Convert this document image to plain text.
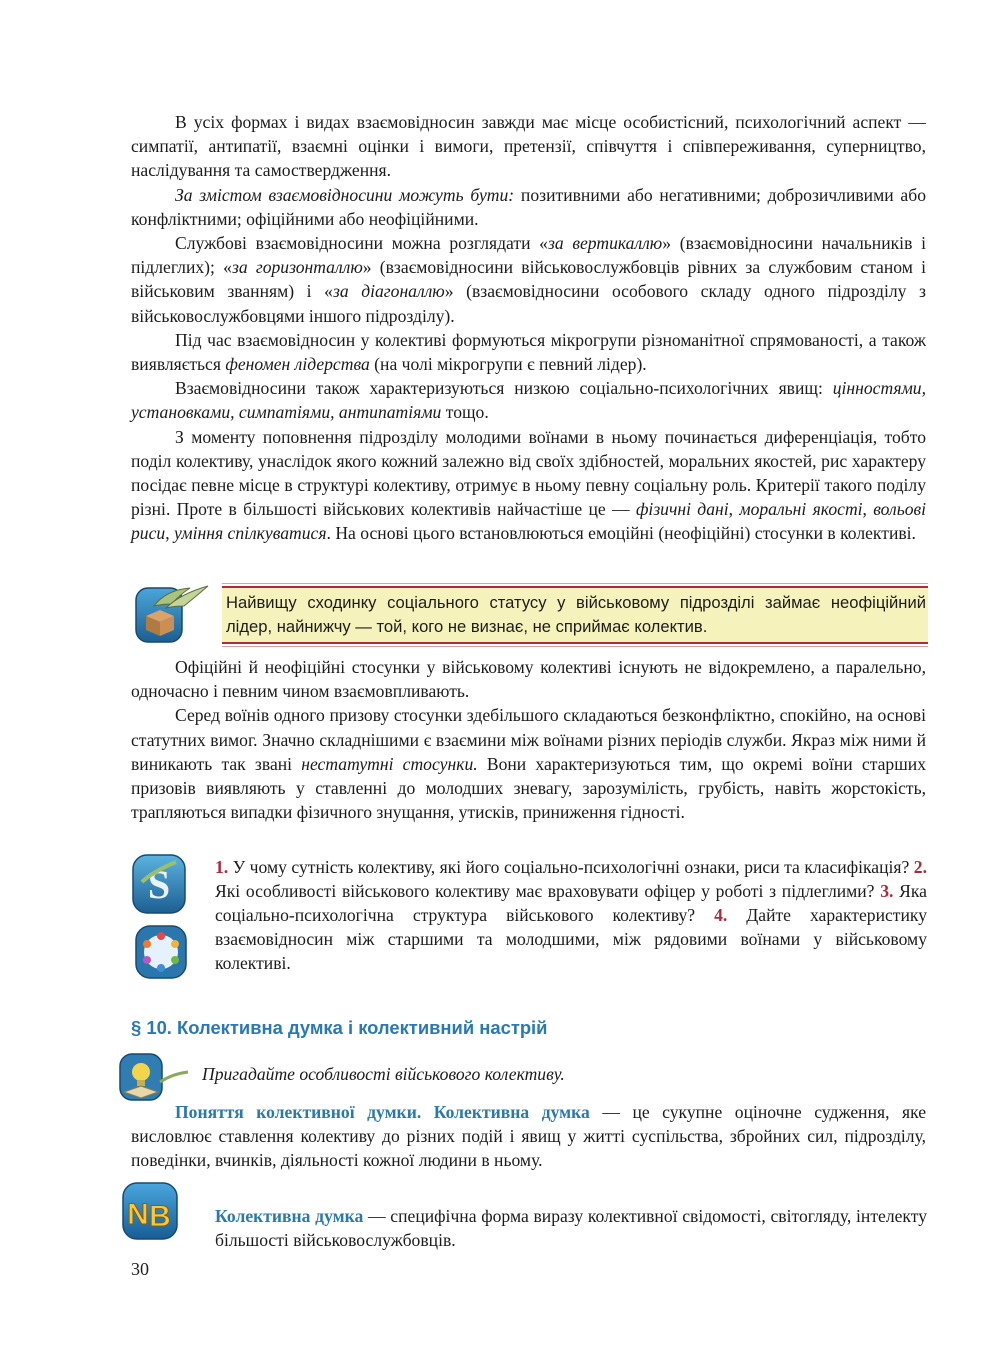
В усіх формах і видах взаємовідносин завжди має місце особистісний, психологічний аспект — симпатії, антипатії, взаємні оцінки і вимоги, претензії, співчуття і співпереживання, суперництво, наслідування та самоствердження.

За змістом взаємовідносини можуть бути: позитивними або негативними; доброзичливими або конфліктними; офіційними або неофіційними.

Службові взаємовідносини можна розглядати «за вертикаллю» (взаємовідносини начальників і підлеглих); «за горизонталлю» (взаємовідносини військовослужбовців рівних за службовим станом і військовим званням) і «за діагоналлю» (взаємовідносини особового складу одного підрозділу з військовослужбовцями іншого підрозділу).

Під час взаємовідносин у колективі формуються мікрогрупи різноманітної спрямованості, а також виявляється феномен лідерства (на чолі мікрогрупи є певний лідер).

Взаємовідносини також характеризуються низкою соціально-психологічних явищ: цінностями, установками, симпатіями, антипатіями тощо.

З моменту поповнення підрозділу молодими воїнами в ньому починається диференціація, тобто поділ колективу, унаслідок якого кожний залежно від своїх здібностей, моральних якостей, рис характеру посідає певне місце в структурі колективу, отримує в ньому певну соціальну роль. Критерії такого поділу різні. Проте в більшості військових колективів найчастіше це — фізичні дані, моральні якості, вольові риси, уміння спілкуватися. На основі цього встановлюються емоційні (неофіційні) стосунки в колективі.

Найвищу сходинку соціального статусу у військовому підрозділі займає неофіційний лідер, найнижчу — той, кого не визнає, не сприймає колектив.

Офіційні й неофіційні стосунки у військовому колективі існують не відокремлено, а паралельно, одночасно і певним чином взаємовпливають.

Серед воїнів одного призову стосунки здебільшого складаються безконфліктно, спокійно, на основі статутних вимог. Значно складнішими є взаємини між воїнами різних періодів служби. Якраз між ними й виникають так звані нестатутні стосунки. Вони характеризуються тим, що окремі воїни старших призовів виявляють у ставленні до молодших зневагу, зарозумілість, грубість, навіть жорстокість, трапляються випадки фізичного знущання, утисків, приниження гідності.

S	1. У чому сутність колективу, які його соціально-психологічні ознаки, риси та класифікація? 2. Які особливості військового колективу має враховувати офіцер у роботі з підлеглими? 3. Яка соціально-психологічна структура військового колективу? 4. Дайте характеристику взаємовідносин між старшими та молодшими, між рядовими воїнами у військовому колективі.
§ 10. Колективна думка і колективний настрій
Пригадайте особливості військового колективу.

Поняття колективної думки. Колективна думка — це сукупне оціночне судження, яке висловлює ставлення колективу до різних подій і явищ у житті суспільства, збройних сил, підрозділу, поведінки, вчинків, діяльності кожної людини в ньому.

N B	Колективна думка — специфічна форма виразу колективної свідомості, світогляду, інтелекту більшості військовослужбовців.

30
